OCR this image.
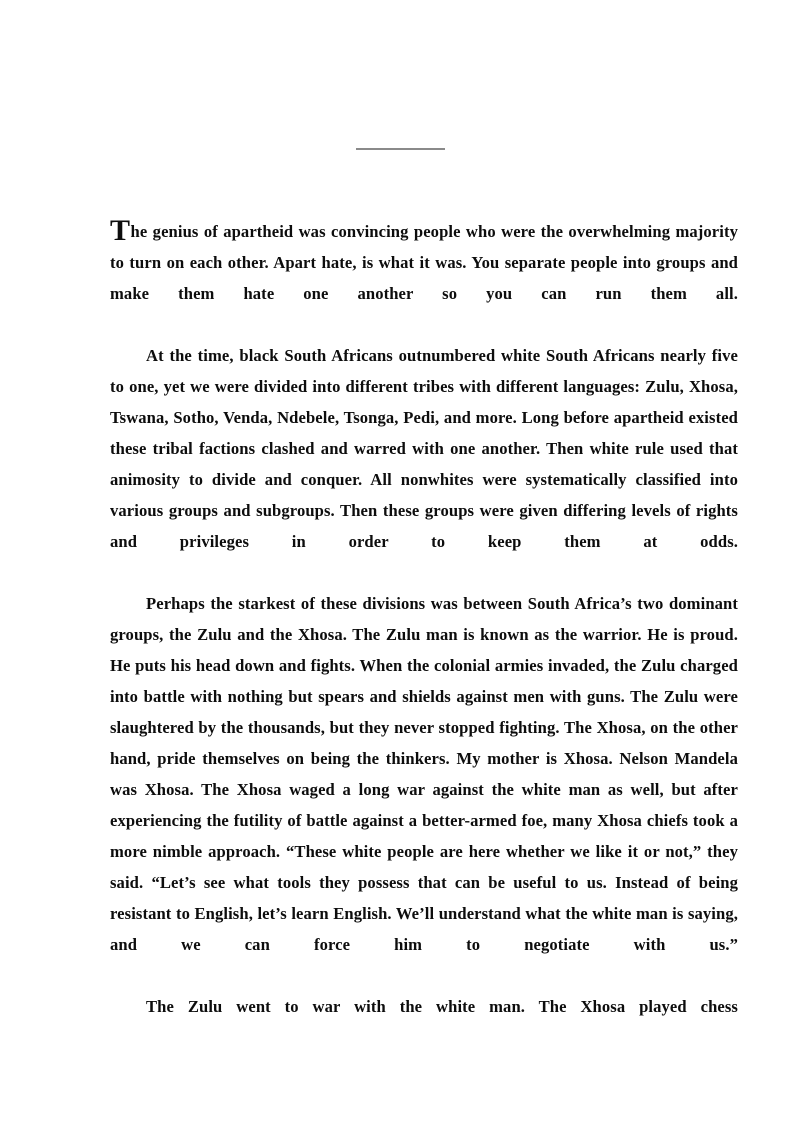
The genius of apartheid was convincing people who were the overwhelming majority to turn on each other. Apart hate, is what it was. You separate people into groups and make them hate one another so you can run them all.

At the time, black South Africans outnumbered white South Africans nearly five to one, yet we were divided into different tribes with different languages: Zulu, Xhosa, Tswana, Sotho, Venda, Ndebele, Tsonga, Pedi, and more. Long before apartheid existed these tribal factions clashed and warred with one another. Then white rule used that animosity to divide and conquer. All nonwhites were systematically classified into various groups and subgroups. Then these groups were given differing levels of rights and privileges in order to keep them at odds.

Perhaps the starkest of these divisions was between South Africa’s two dominant groups, the Zulu and the Xhosa. The Zulu man is known as the warrior. He is proud. He puts his head down and fights. When the colonial armies invaded, the Zulu charged into battle with nothing but spears and shields against men with guns. The Zulu were slaughtered by the thousands, but they never stopped fighting. The Xhosa, on the other hand, pride themselves on being the thinkers. My mother is Xhosa. Nelson Mandela was Xhosa. The Xhosa waged a long war against the white man as well, but after experiencing the futility of battle against a better-armed foe, many Xhosa chiefs took a more nimble approach. “These white people are here whether we like it or not,” they said. “Let’s see what tools they possess that can be useful to us. Instead of being resistant to English, let’s learn English. We’ll understand what the white man is saying, and we can force him to negotiate with us.”

The Zulu went to war with the white man. The Xhosa played chess
